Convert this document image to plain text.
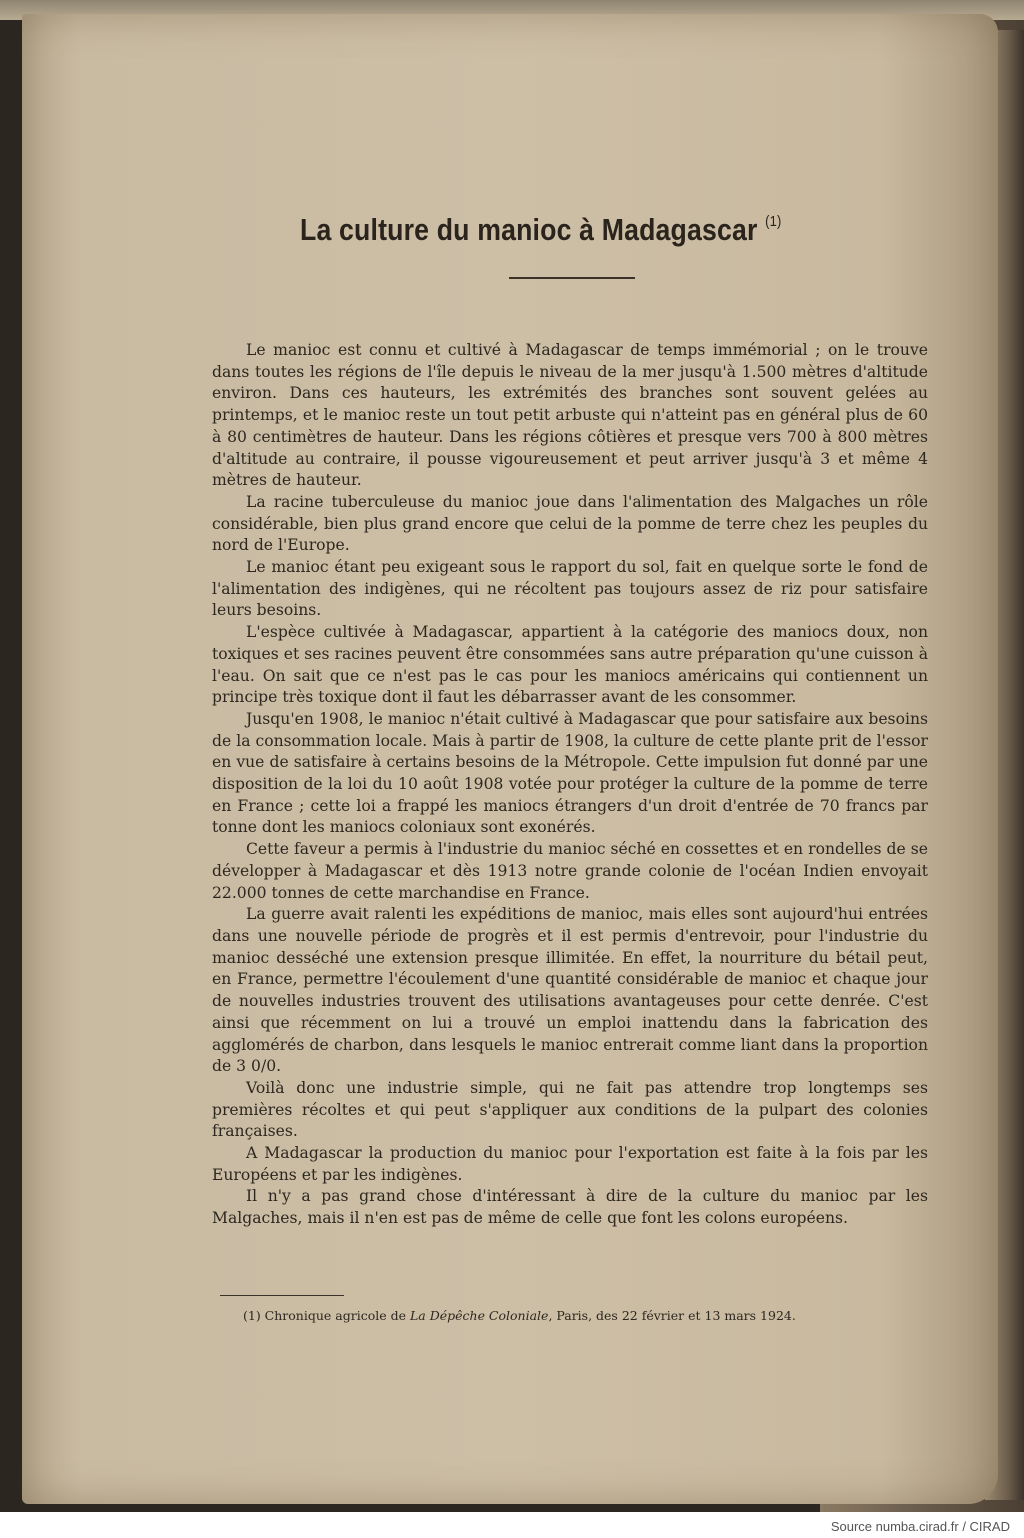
La culture du manioc à Madagascar $^{(1)}$

Le manioc est connu et cultivé à Madagascar de temps immémorial ; on le trouve dans toutes les régions de l'île depuis le niveau de la mer jusqu'à 1.500 mètres d'altitude environ. Dans ces hauteurs, les extrémités des branches sont souvent gelées au printemps, et le manioc reste un tout petit arbuste qui n'atteint pas en général plus de 60 à 80 centimètres de hauteur. Dans les régions côtières et presque vers 700 à 800 mètres d'altitude au contraire, il pousse vigoureusement et peut arriver jusqu'à 3 et même 4 mètres de hauteur.

La racine tuberculeuse du manioc joue dans l'alimentation des Malgaches un rôle considérable, bien plus grand encore que celui de la pomme de terre chez les peuples du nord de l'Europe.

Le manioc étant peu exigeant sous le rapport du sol, fait en quelque sorte le fond de l'alimentation des indigènes, qui ne récoltent pas toujours assez de riz pour satisfaire leurs besoins.

L'espèce cultivée à Madagascar, appartient à la catégorie des maniocs doux, non toxiques et ses racines peuvent être consommées sans autre préparation qu'une cuisson à l'eau. On sait que ce n'est pas le cas pour les maniocs américains qui contiennent un principe très toxique dont il faut les débarrasser avant de les consommer.

Jusqu'en 1908, le manioc n'était cultivé à Madagascar que pour satisfaire aux besoins de la consommation locale. Mais à partir de 1908, la culture de cette plante prit de l'essor en vue de satisfaire à certains besoins de la Métropole. Cette impulsion fut donné par une disposition de la loi du 10 août 1908 votée pour protéger la culture de la pomme de terre en France ; cette loi a frappé les maniocs étrangers d'un droit d'entrée de 70 francs par tonne dont les maniocs coloniaux sont exonérés.

Cette faveur a permis à l'industrie du manioc séché en cossettes et en rondelles de se développer à Madagascar et dès 1913 notre grande colonie de l'océan Indien envoyait 22.000 tonnes de cette marchandise en France.

La guerre avait ralenti les expéditions de manioc, mais elles sont aujourd'hui entrées dans une nouvelle période de progrès et il est permis d'entrevoir, pour l'industrie du manioc desséché une extension presque illimitée. En effet, la nourriture du bétail peut, en France, permettre l'écoulement d'une quantité considérable de manioc et chaque jour de nouvelles industries trouvent des utilisations avantageuses pour cette denrée. C'est ainsi que récemment on lui a trouvé un emploi inattendu dans la fabrication des agglomérés de charbon, dans lesquels le manioc entrerait comme liant dans la proportion de 3 0/0.

Voilà donc une industrie simple, qui ne fait pas attendre trop longtemps ses premières récoltes et qui peut s'appliquer aux conditions de la pulpart des colonies françaises.

A Madagascar la production du manioc pour l'exportation est faite à la fois par les Européens et par les indigènes.

Il n'y a pas grand chose d'intéressant à dire de la culture du manioc par les Malgaches, mais il n'en est pas de même de celle que font les colons européens.

(1) Chronique agricole de La Dépêche Coloniale, Paris, des 22 février et 13 mars 1924.
Source numba.cirad.fr / CIRAD
